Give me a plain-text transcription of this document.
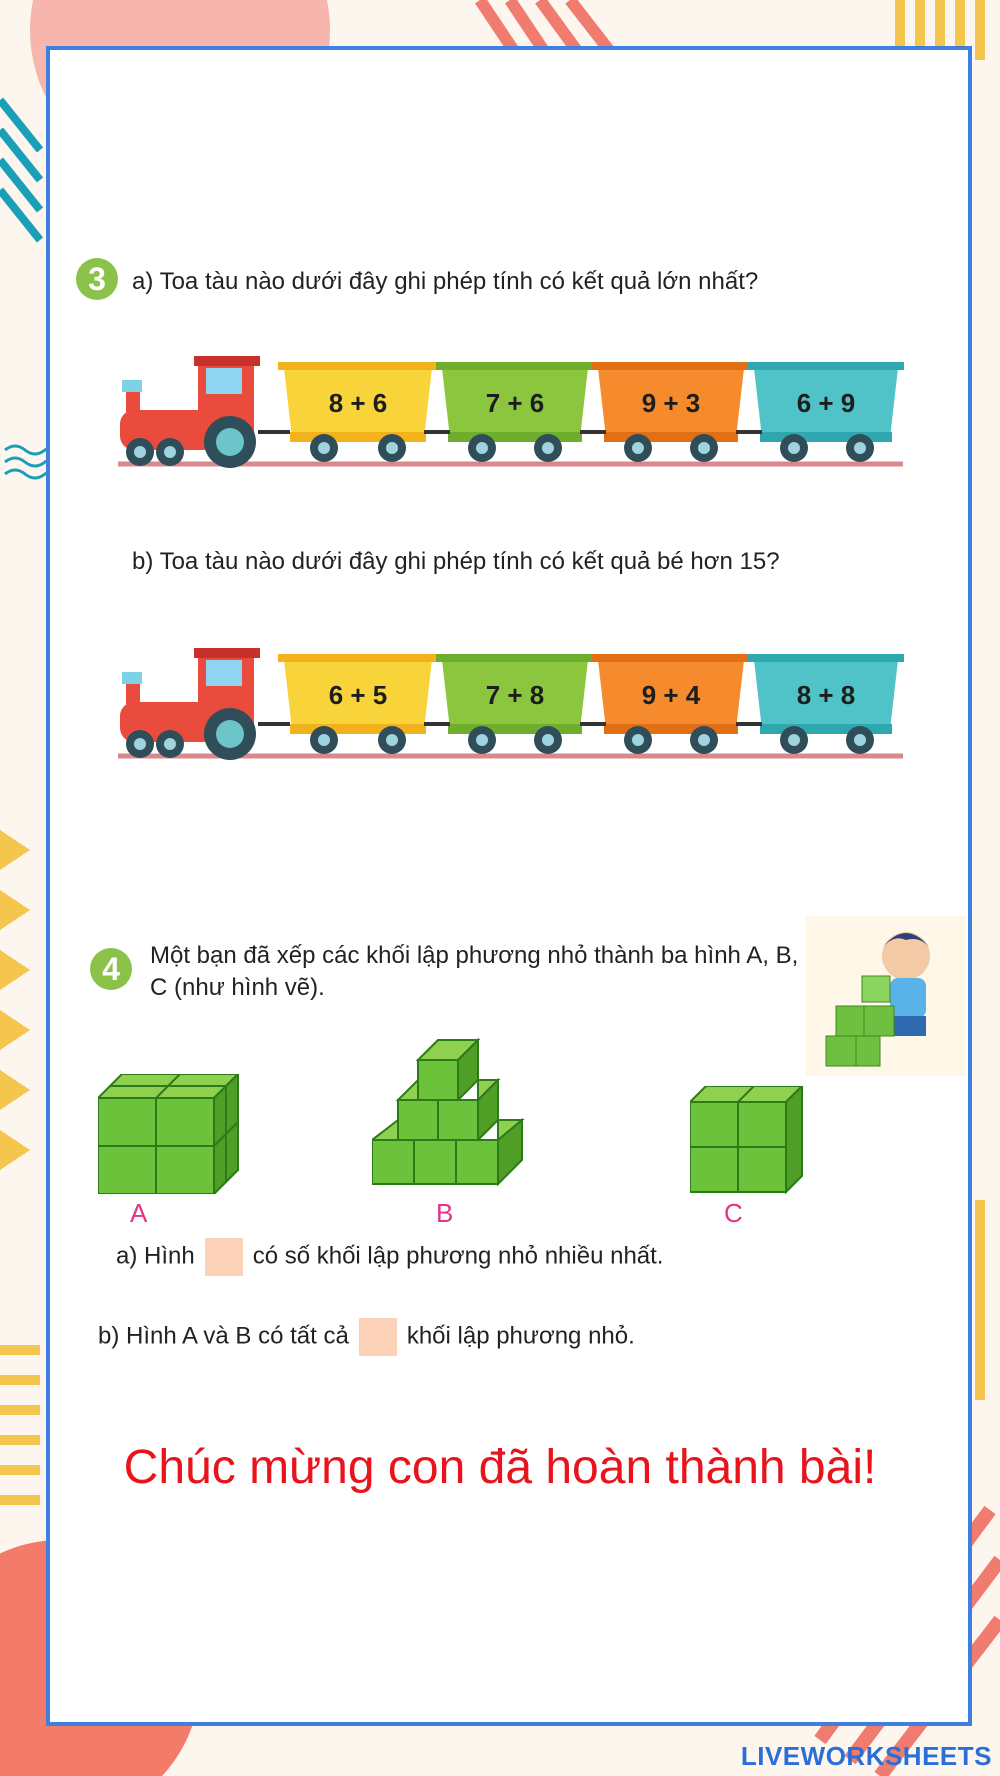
3	a) Toa tàu nào dưới đây ghi phép tính có kết quả lớn nhất?
8 + 6	7 + 6	9 + 3	6 + 9
b) Toa tàu nào dưới đây ghi phép tính có kết quả bé hơn 15?
6 + 5	7 + 8	9 + 4	8 + 8
4	Một bạn đã xếp các khối lập phương nhỏ thành ba hình A, B, C (như hình vẽ).
A	B	C
a) Hình có số khối lập phương nhỏ nhiều nhất.
b) Hình A và B có tất cả khối lập phương nhỏ.
Chúc mừng con đã hoàn thành bài!
LIVEWORKSHEETS
